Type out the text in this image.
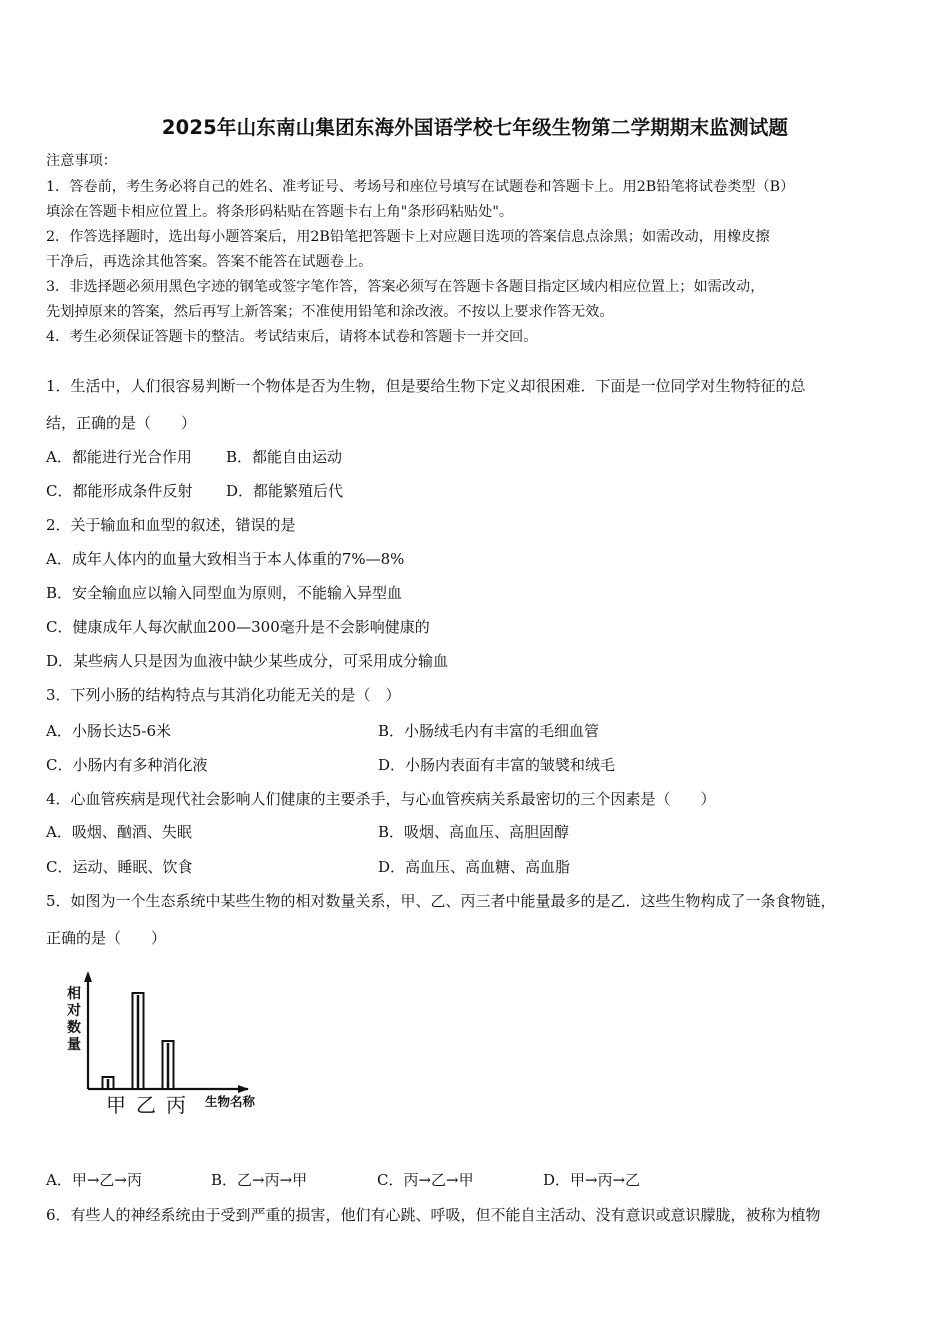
2025年山东南山集团东海外国语学校七年级生物第二学期期末监测试题
注意事项：
1．答卷前，考生务必将自己的姓名、准考证号、考场号和座位号填写在试题卷和答题卡上。用2B铅笔将试卷类型（B）
填涂在答题卡相应位置上。将条形码粘贴在答题卡右上角"条形码粘贴处"。
2．作答选择题时，选出每小题答案后，用2B铅笔把答题卡上对应题目选项的答案信息点涂黑；如需改动，用橡皮擦
干净后，再选涂其他答案。答案不能答在试题卷上。
3．非选择题必须用黑色字迹的钢笔或签字笔作答，答案必须写在答题卡各题目指定区域内相应位置上；如需改动，
先划掉原来的答案，然后再写上新答案；不准使用铅笔和涂改液。不按以上要求作答无效。
4．考生必须保证答题卡的整洁。考试结束后，请将本试卷和答题卡一并交回。
1．生活中，人们很容易判断一个物体是否为生物，但是要给生物下定义却很困难．下面是一位同学对生物特征的总
结，正确的是（　　）
A．都能进行光合作用 B．都能自由运动
C．都能形成条件反射 D．都能繁殖后代
2．关于输血和血型的叙述，错误的是
A．成年人体内的血量大致相当于本人体重的7%—8%
B．安全输血应以输入同型血为原则，不能输入异型血
C．健康成年人每次献血200—300毫升是不会影响健康的
D．某些病人只是因为血液中缺少某些成分，可采用成分输血
3．下列小肠的结构特点与其消化功能无关的是（　）
A．小肠长达5-6米	B．小肠绒毛内有丰富的毛细血管
C．小肠内有多种消化液	D．小肠内表面有丰富的皱襞和绒毛
4．心血管疾病是现代社会影响人们健康的主要杀手，与心血管疾病关系最密切的三个因素是（　　）
A．吸烟、酗酒、失眠	B．吸烟、高血压、高胆固醇
C．运动、睡眠、饮食	D．高血压、高血糖、高血脂
5．如图为一个生态系统中某些生物的相对数量关系，甲、乙、丙三者中能量最多的是乙．这些生物构成了一条食物链，
正确的是（　　）
相
对
数
量
甲 乙 丙 生物名称
A．甲→乙→丙	B．乙→丙→甲	C．丙→乙→甲	D．甲→丙→乙
6．有些人的神经系统由于受到严重的损害，他们有心跳、呼吸，但不能自主活动、没有意识或意识朦胧，被称为植物
